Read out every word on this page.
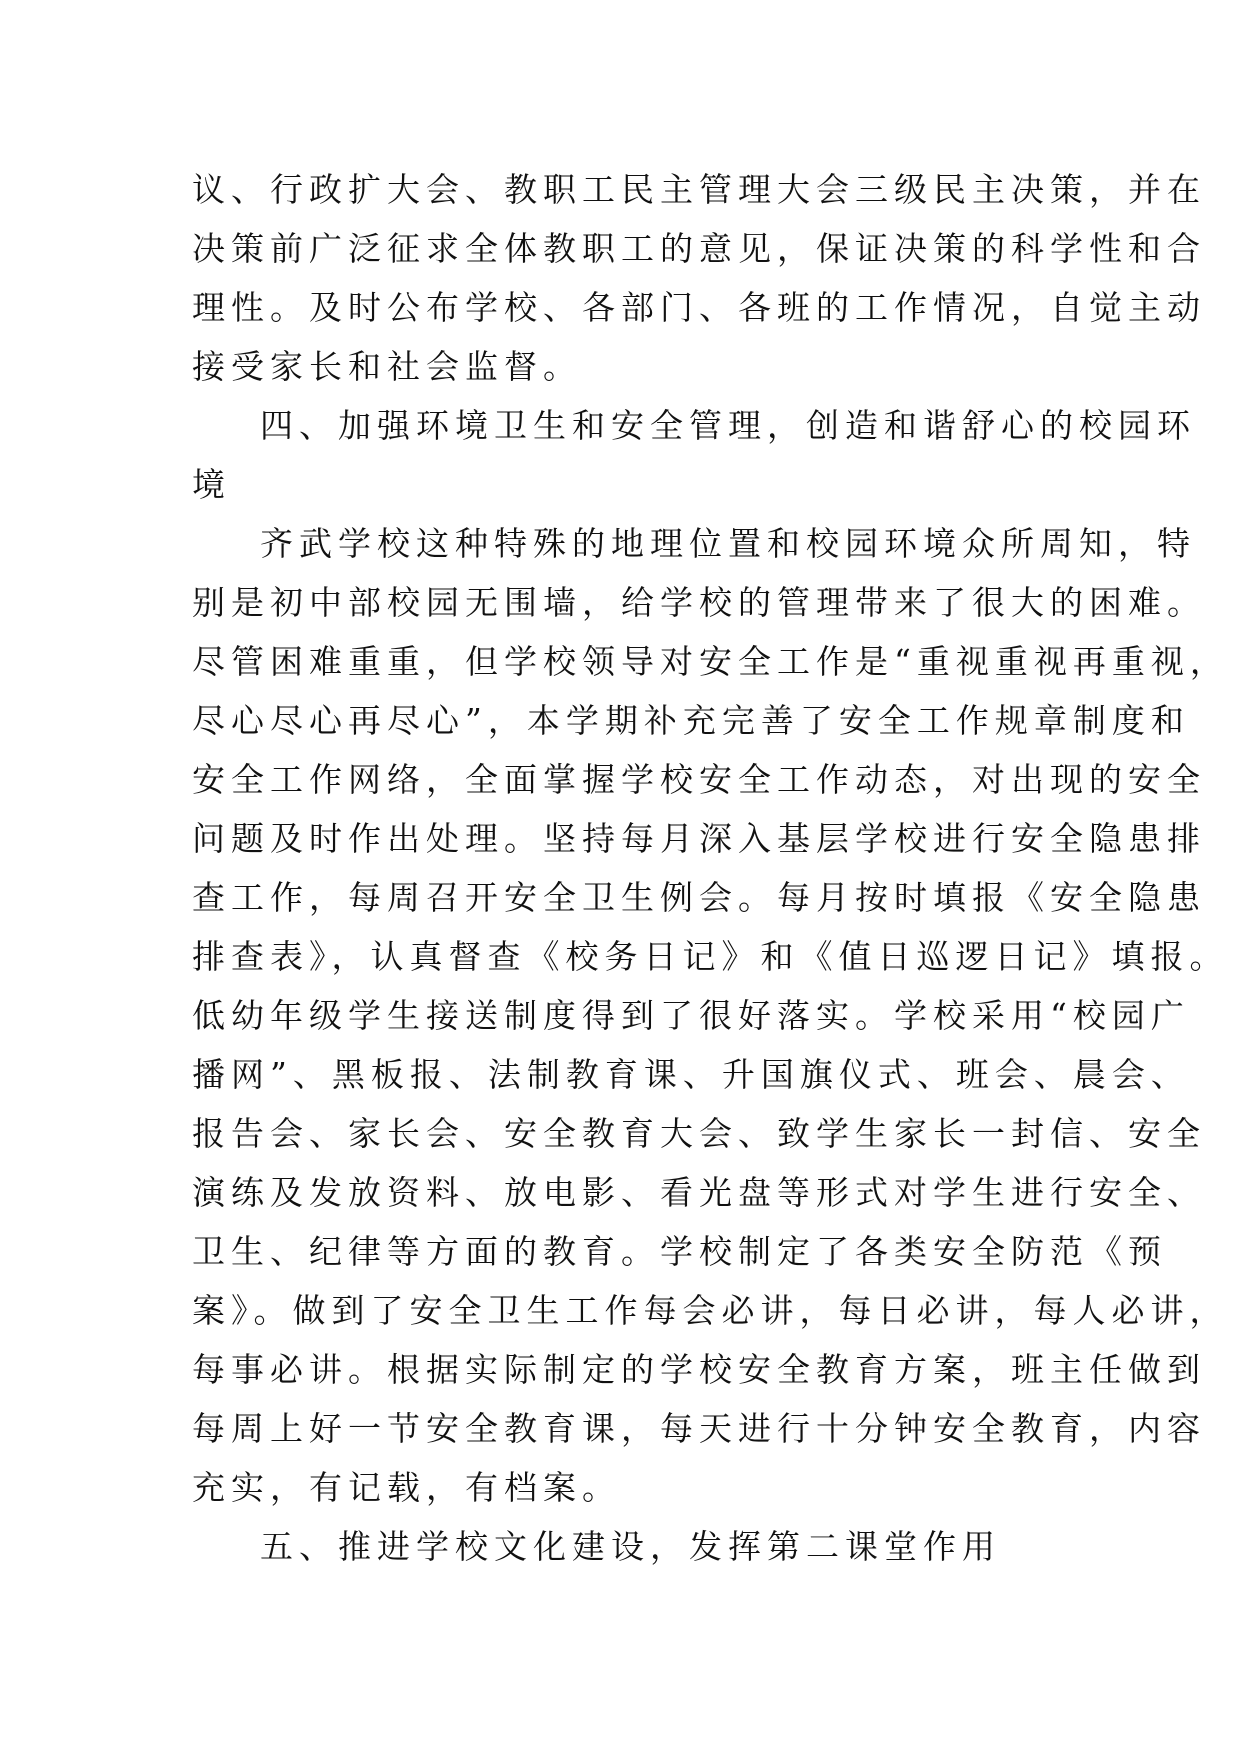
议、行政扩大会、教职工民主管理大会三级民主决策，并在
决策前广泛征求全体教职工的意见，保证决策的科学性和合
理性。及时公布学校、各部门、各班的工作情况，自觉主动
接受家长和社会监督。
四、加强环境卫生和安全管理，创造和谐舒心的校园环
境
齐武学校这种特殊的地理位置和校园环境众所周知，特
别是初中部校园无围墙，给学校的管理带来了很大的困难。
尽管困难重重，但学校领导对安全工作是“重视重视再重视，
尽心尽心再尽心”，本学期补充完善了安全工作规章制度和
安全工作网络，全面掌握学校安全工作动态，对出现的安全
问题及时作出处理。坚持每月深入基层学校进行安全隐患排
查工作，每周召开安全卫生例会。每月按时填报《安全隐患
排查表》，认真督查《校务日记》和《值日巡逻日记》填报。
低幼年级学生接送制度得到了很好落实。学校采用“校园广
播网”、黑板报、法制教育课、升国旗仪式、班会、晨会、
报告会、家长会、安全教育大会、致学生家长一封信、安全
演练及发放资料、放电影、看光盘等形式对学生进行安全、
卫生、纪律等方面的教育。学校制定了各类安全防范《预
案》。做到了安全卫生工作每会必讲，每日必讲，每人必讲，
每事必讲。根据实际制定的学校安全教育方案，班主任做到
每周上好一节安全教育课，每天进行十分钟安全教育，内容
充实，有记载，有档案。
五、推进学校文化建设，发挥第二课堂作用
